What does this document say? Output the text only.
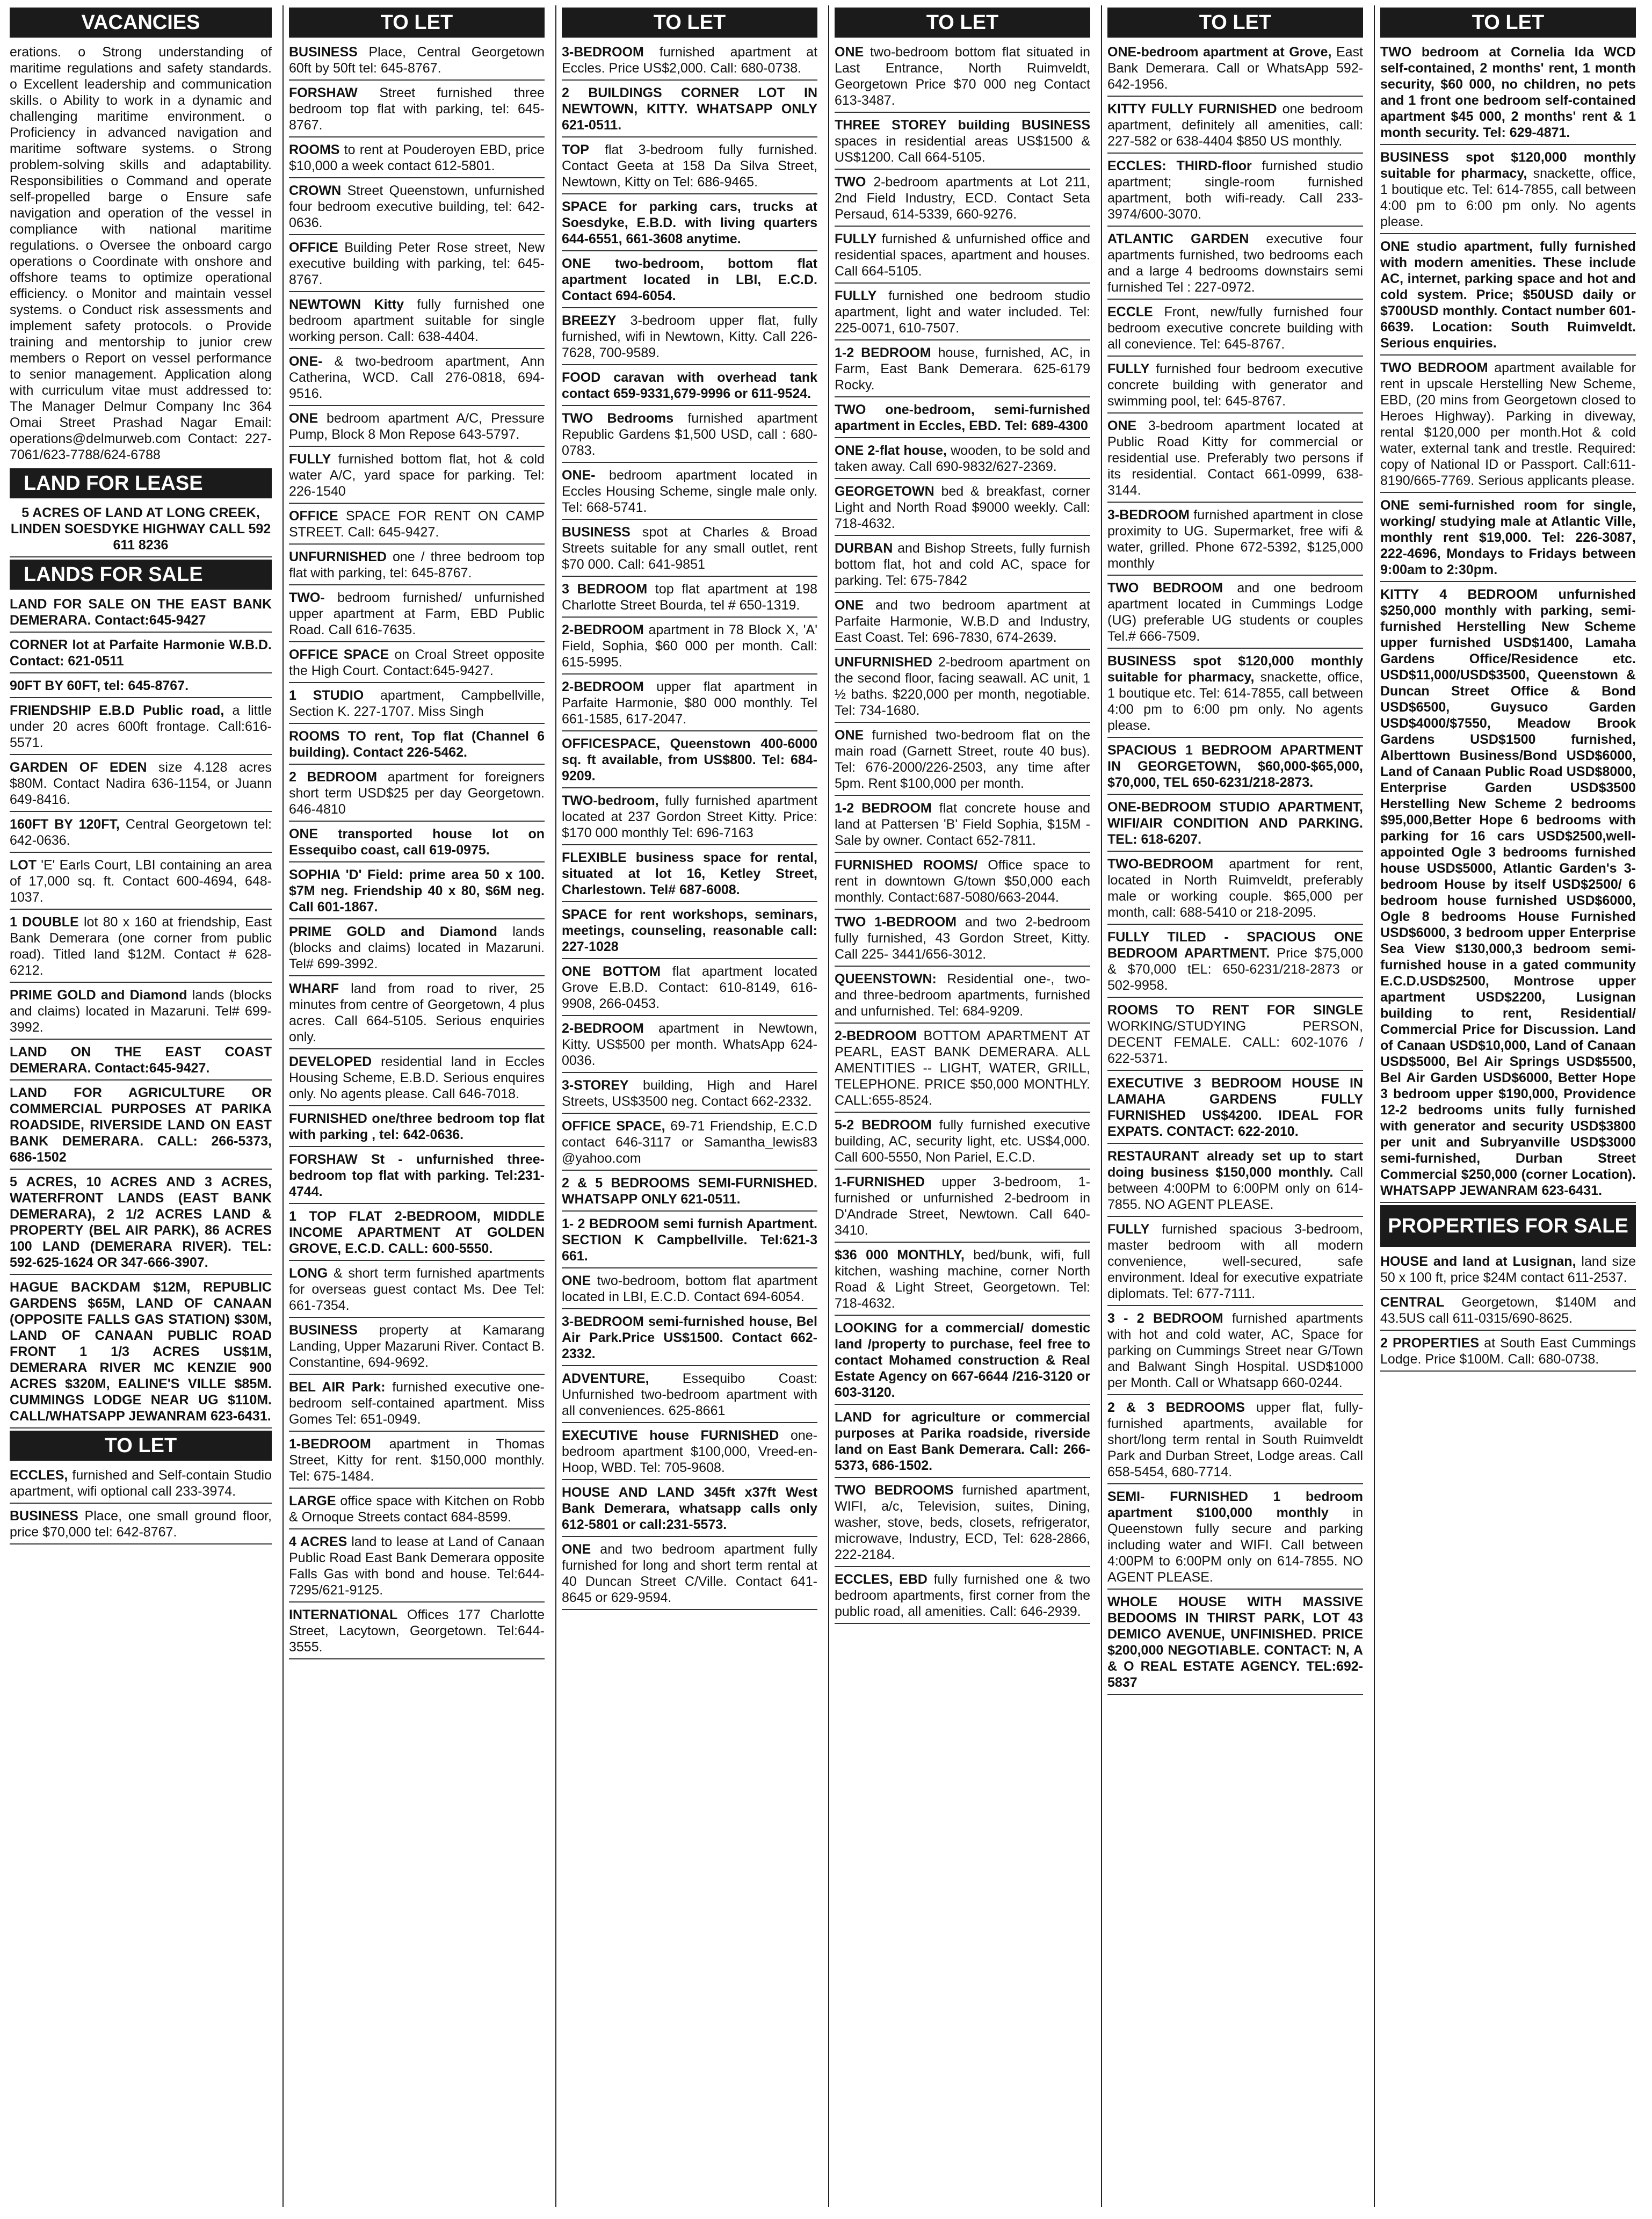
VACANCIES
erations. o Strong understanding of maritime regulations and safety standards. o Excellent leadership and communication skills. o Ability to work in a dynamic and challenging maritime environment. o Proficiency in advanced navigation and maritime software systems. o Strong problem-solving skills and adaptability. Responsibilities o Command and operate self-propelled barge o Ensure safe navigation and operation of the vessel in compliance with national maritime regulations. o Oversee the onboard cargo operations o Coordinate with onshore and offshore teams to optimize operational efficiency. o Monitor and maintain vessel systems. o Conduct risk assessments and implement safety protocols. o Provide training and mentorship to junior crew members o Report on vessel performance to senior management. Application along with curriculum vitae must addressed to: The Manager Delmur Company Inc 364 Omai Street Prashad Nagar Email: operations@delmurweb.com Contact: 227-7061/623-7788/624-6788
LAND FOR LEASE
5 ACRES OF LAND AT LONG CREEK, LINDEN SOESDYKE HIGHWAY CALL 592 611 8236
LANDS FOR SALE
LAND FOR SALE ON THE EAST BANK DEMERARA. Contact:645-9427
CORNER lot at Parfaite Harmonie W.B.D. Contact: 621-0511
90FT BY 60FT, tel: 645-8767.
FRIENDSHIP E.B.D Public road, a little under 20 acres 600ft frontage. Call:616-5571.
GARDEN OF EDEN size 4.128 acres $80M. Contact Nadira 636-1154, or Juann 649-8416.
160FT BY 120FT, Central Georgetown tel: 642-0636.
LOT 'E' Earls Court, LBI containing an area of 17,000 sq. ft. Contact 600-4694, 648-1037.
1 DOUBLE lot 80 x 160 at friendship, East Bank Demerara (one corner from public road). Titled land $12M. Contact # 628-6212.
PRIME GOLD and Diamond lands (blocks and claims) located in Mazaruni. Tel# 699-3992.
LAND ON THE EAST COAST DEMERARA. Contact:645-9427.
LAND FOR AGRICULTURE OR COMMERCIAL PURPOSES AT PARIKA ROADSIDE, RIVERSIDE LAND ON EAST BANK DEMERARA. CALL: 266-5373, 686-1502
5 ACRES, 10 ACRES AND 3 ACRES, WATERFRONT LANDS (EAST BANK DEMERARA), 2 1/2 ACRES LAND & PROPERTY (BEL AIR PARK), 86 ACRES 100 LAND (DEMERARA RIVER). TEL: 592-625-1624 OR 347-666-3907.
HAGUE BACKDAM $12M, REPUBLIC GARDENS $65M, LAND OF CANAAN (OPPOSITE FALLS GAS STATION) $30M, LAND OF CANAAN PUBLIC ROAD FRONT 1 1/3 ACRES US$1M, DEMERARA RIVER MC KENZIE 900 ACRES $320M, EALINE'S VILLE $85M. CUMMINGS LODGE NEAR UG $110M. CALL/WHATSAPP JEWANRAM 623-6431.
TO LET
ECCLES, furnished and Self-contain Studio apartment, wifi optional call 233-3974.
BUSINESS Place, one small ground floor, price $70,000 tel: 642-8767.
TO LET
BUSINESS Place, Central Georgetown 60ft by 50ft tel: 645-8767.
FORSHAW Street furnished three bedroom top flat with parking, tel: 645-8767.
ROOMS to rent at Pouderoyen EBD, price $10,000 a week contact 612-5801.
CROWN Street Queenstown, unfurnished four bedroom executive building, tel: 642-0636.
OFFICE Building Peter Rose street, New executive building with parking, tel: 645-8767.
NEWTOWN Kitty fully furnished one bedroom apartment suitable for single working person. Call: 638-4404.
ONE- & two-bedroom apartment, Ann Catherina, WCD. Call 276-0818, 694-9516.
ONE bedroom apartment A/C, Pressure Pump, Block 8 Mon Repose 643-5797.
FULLY furnished bottom flat, hot & cold water A/C, yard space for parking. Tel: 226-1540
OFFICE SPACE FOR RENT ON CAMP STREET. Call: 645-9427.
UNFURNISHED one / three bedroom top flat with parking, tel: 645-8767.
TWO- bedroom furnished/ unfurnished upper apartment at Farm, EBD Public Road. Call 616-7635.
OFFICE SPACE on Croal Street opposite the High Court. Contact:645-9427.
1 STUDIO apartment, Campbellville, Section K. 227-1707. Miss Singh
ROOMS TO rent, Top flat (Channel 6 building). Contact 226-5462.
2 BEDROOM apartment for foreigners short term USD$25 per day Georgetown. 646-4810
ONE transported house lot on Essequibo coast, call 619-0975.
SOPHIA 'D' Field: prime area 50 x 100. $7M neg. Friendship 40 x 80, $6M neg. Call 601-1867.
PRIME GOLD and Diamond lands (blocks and claims) located in Mazaruni. Tel# 699-3992.
WHARF land from road to river, 25 minutes from centre of Georgetown, 4 plus acres. Call 664-5105. Serious enquiries only.
DEVELOPED residential land in Eccles Housing Scheme, E.B.D. Serious enquires only. No agents please. Call 646-7018.
FURNISHED one/three bedroom top flat with parking , tel: 642-0636.
FORSHAW St - unfurnished three-bedroom top flat with parking. Tel:231-4744.
1 TOP FLAT 2-BEDROOM, MIDDLE INCOME APARTMENT AT GOLDEN GROVE, E.C.D. CALL: 600-5550.
LONG & short term furnished apartments for overseas guest contact Ms. Dee Tel: 661-7354.
BUSINESS property at Kamarang Landing, Upper Mazaruni River. Contact B. Constantine, 694-9692.
BEL AIR Park: furnished executive one-bedroom self-contained apartment. Miss Gomes Tel: 651-0949.
1-BEDROOM apartment in Thomas Street, Kitty for rent. $150,000 monthly. Tel: 675-1484.
LARGE office space with Kitchen on Robb & Ornoque Streets contact 684-8599.
4 ACRES land to lease at Land of Canaan Public Road East Bank Demerara opposite Falls Gas with bond and house. Tel:644-7295/621-9125.
INTERNATIONAL Offices 177 Charlotte Street, Lacytown, Georgetown. Tel:644-3555.
TO LET
3-BEDROOM furnished apartment at Eccles. Price US$2,000. Call: 680-0738.
2 BUILDINGS CORNER LOT IN NEWTOWN, KITTY. WHATSAPP ONLY 621-0511.
TOP flat 3-bedroom fully furnished. Contact Geeta at 158 Da Silva Street, Newtown, Kitty on Tel: 686-9465.
SPACE for parking cars, trucks at Soesdyke, E.B.D. with living quarters 644-6551, 661-3608 anytime.
ONE two-bedroom, bottom flat apartment located in LBI, E.C.D. Contact 694-6054.
BREEZY 3-bedroom upper flat, fully furnished, wifi in Newtown, Kitty. Call 226-7628, 700-9589.
FOOD caravan with overhead tank contact 659-9331,679-9996 or 611-9524.
TWO Bedrooms furnished apartment Republic Gardens $1,500 USD, call : 680-0783.
ONE- bedroom apartment located in Eccles Housing Scheme, single male only. Tel: 668-5741.
BUSINESS spot at Charles & Broad Streets suitable for any small outlet, rent $70 000. Call: 641-9851
3 BEDROOM top flat apartment at 198 Charlotte Street Bourda, tel # 650-1319.
2-BEDROOM apartment in 78 Block X, 'A' Field, Sophia, $60 000 per month. Call: 615-5995.
2-BEDROOM upper flat apartment in Parfaite Harmonie, $80 000 monthly. Tel 661-1585, 617-2047.
OFFICESPACE, Queenstown 400-6000 sq. ft available, from US$800. Tel: 684-9209.
TWO-bedroom, fully furnished apartment located at 237 Gordon Street Kitty. Price: $170 000 monthly Tel: 696-7163
FLEXIBLE business space for rental, situated at lot 16, Ketley Street, Charlestown. Tel# 687-6008.
SPACE for rent workshops, seminars, meetings, counseling, reasonable call: 227-1028
ONE BOTTOM flat apartment located Grove E.B.D. Contact: 610-8149, 616-9908, 266-0453.
2-BEDROOM apartment in Newtown, Kitty. US$500 per month. WhatsApp 624-0036.
3-STOREY building, High and Harel Streets, US$3500 neg. Contact 662-2332.
OFFICE SPACE, 69-71 Friendship, E.C.D contact 646-3117 or Samantha_lewis83 @yahoo.com
2 & 5 BEDROOMS SEMI-FURNISHED. WHATSAPP ONLY 621-0511.
1- 2 BEDROOM semi furnish Apartment. SECTION K Campbellville. Tel:621-3 661.
ONE two-bedroom, bottom flat apartment located in LBI, E.C.D. Contact 694-6054.
3-BEDROOM semi-furnished house, Bel Air Park.Price US$1500. Contact 662-2332.
ADVENTURE, Essequibo Coast: Unfurnished two-bedroom apartment with all conveniences. 625-8661
EXECUTIVE house FURNISHED one-bedroom apartment $100,000, Vreed-en-Hoop, WBD. Tel: 705-9608.
HOUSE AND LAND 345ft x37ft West Bank Demerara, whatsapp calls only 612-5801 or call:231-5573.
ONE and two bedroom apartment fully furnished for long and short term rental at 40 Duncan Street C/Ville. Contact 641-8645 or 629-9594.
TO LET
ONE two-bedroom bottom flat situated in Last Entrance, North Ruimveldt, Georgetown Price $70 000 neg Contact 613-3487.
THREE STOREY building BUSINESS spaces in residential areas US$1500 & US$1200. Call 664-5105.
TWO 2-bedroom apartments at Lot 211, 2nd Field Industry, ECD. Contact Seta Persaud, 614-5339, 660-9276.
FULLY furnished & unfurnished office and residential spaces, apartment and houses. Call 664-5105.
FULLY furnished one bedroom studio apartment, light and water included. Tel: 225-0071, 610-7507.
1-2 BEDROOM house, furnished, AC, in Farm, East Bank Demerara. 625-6179 Rocky.
TWO one-bedroom, semi-furnished apartment in Eccles, EBD. Tel: 689-4300
ONE 2-flat house, wooden, to be sold and taken away. Call 690-9832/627-2369.
GEORGETOWN bed & breakfast, corner Light and North Road $9000 weekly. Call: 718-4632.
DURBAN and Bishop Streets, fully furnish bottom flat, hot and cold AC, space for parking. Tel: 675-7842
ONE and two bedroom apartment at Parfaite Harmonie, W.B.D and Industry, East Coast. Tel: 696-7830, 674-2639.
UNFURNISHED 2-bedroom apartment on the second floor, facing seawall. AC unit, 1 ½ baths. $220,000 per month, negotiable. Tel: 734-1680.
ONE furnished two-bedroom flat on the main road (Garnett Street, route 40 bus). Tel: 676-2000/226-2503, any time after 5pm. Rent $100,000 per month.
1-2 BEDROOM flat concrete house and land at Pattersen 'B' Field Sophia, $15M - Sale by owner. Contact 652-7811.
FURNISHED ROOMS/ Office space to rent in downtown G/town $50,000 each monthly. Contact:687-5080/663-2044.
TWO 1-BEDROOM and two 2-bedroom fully furnished, 43 Gordon Street, Kitty. Call 225- 3441/656-3012.
QUEENSTOWN: Residential one-, two- and three-bedroom apartments, furnished and unfurnished. Tel: 684-9209.
2-BEDROOM BOTTOM APARTMENT AT PEARL, EAST BANK DEMERARA. ALL AMENTITIES -- LIGHT, WATER, GRILL, TELEPHONE. PRICE $50,000 MONTHLY. CALL:655-8524.
5-2 BEDROOM fully furnished executive building, AC, security light, etc. US$4,000. Call 600-5550, Non Pariel, E.C.D.
1-FURNISHED upper 3-bedroom, 1-furnished or unfurnished 2-bedroom in D'Andrade Street, Newtown. Call 640-3410.
$36 000 MONTHLY, bed/bunk, wifi, full kitchen, washing machine, corner North Road & Light Street, Georgetown. Tel: 718-4632.
LOOKING for a commercial/ domestic land /property to purchase, feel free to contact Mohamed construction & Real Estate Agency on 667-6644 /216-3120 or 603-3120.
LAND for agriculture or commercial purposes at Parika roadside, riverside land on East Bank Demerara. Call: 266-5373, 686-1502.
TWO BEDROOMS furnished apartment, WIFI, a/c, Television, suites, Dining, washer, stove, beds, closets, refrigerator, microwave, Industry, ECD, Tel: 628-2866, 222-2184.
ECCLES, EBD fully furnished one & two bedroom apartments, first corner from the public road, all amenities. Call: 646-2939.
TO LET
ONE-bedroom apartment at Grove, East Bank Demerara. Call or WhatsApp 592-642-1956.
KITTY FULLY FURNISHED one bedroom apartment, definitely all amenities, call: 227-582 or 638-4404 $850 US monthly.
ECCLES: THIRD-floor furnished studio apartment; single-room furnished apartment, both wifi-ready. Call 233-3974/600-3070.
ATLANTIC GARDEN executive four apartments furnished, two bedrooms each and a large 4 bedrooms downstairs semi furnished Tel : 227-0972.
ECCLE Front, new/fully furnished four bedroom executive concrete building with all conevience. Tel: 645-8767.
FULLY furnished four bedroom executive concrete building with generator and swimming pool, tel: 645-8767.
ONE 3-bedroom apartment located at Public Road Kitty for commercial or residential use. Preferably two persons if its residential. Contact 661-0999, 638-3144.
3-BEDROOM furnished apartment in close proximity to UG. Supermarket, free wifi & water, grilled. Phone 672-5392, $125,000 monthly
TWO BEDROOM and one bedroom apartment located in Cummings Lodge (UG) preferable UG students or couples Tel.# 666-7509.
BUSINESS spot $120,000 monthly suitable for pharmacy, snackette, office, 1 boutique etc. Tel: 614-7855, call between 4:00 pm to 6:00 pm only. No agents please.
SPACIOUS 1 BEDROOM APARTMENT IN GEORGETOWN, $60,000-$65,000, $70,000, TEL 650-6231/218-2873.
ONE-BEDROOM STUDIO APARTMENT, WIFI/AIR CONDITION AND PARKING. TEL: 618-6207.
TWO-BEDROOM apartment for rent, located in North Ruimveldt, preferably male or working couple. $65,000 per month, call: 688-5410 or 218-2095.
FULLY TILED - SPACIOUS ONE BEDROOM APARTMENT. Price $75,000 & $70,000 tEL: 650-6231/218-2873 or 502-9958.
ROOMS TO RENT FOR SINGLE WORKING/STUDYING PERSON, DECENT FEMALE. CALL: 602-1076 / 622-5371.
EXECUTIVE 3 BEDROOM HOUSE IN LAMAHA GARDENS FULLY FURNISHED US$4200. IDEAL FOR EXPATS. CONTACT: 622-2010.
RESTAURANT already set up to start doing business $150,000 monthly. Call between 4:00PM to 6:00PM only on 614-7855. NO AGENT PLEASE.
FULLY furnished spacious 3-bedroom, master bedroom with all modern convenience, well-secured, safe environment. Ideal for executive expatriate diplomats. Tel: 677-7111.
3 - 2 BEDROOM furnished apartments with hot and cold water, AC, Space for parking on Cummings Street near G/Town and Balwant Singh Hospital. USD$1000 per Month. Call or Whatsapp 660-0244.
2 & 3 BEDROOMS upper flat, fully-furnished apartments, available for short/long term rental in South Ruimveldt Park and Durban Street, Lodge areas. Call 658-5454, 680-7714.
SEMI- FURNISHED 1 bedroom apartment $100,000 monthly in Queenstown fully secure and parking including water and WIFI. Call between 4:00PM to 6:00PM only on 614-7855. NO AGENT PLEASE.
WHOLE HOUSE WITH MASSIVE BEDOOMS IN THIRST PARK, LOT 43 DEMICO AVENUE, UNFINISHED. PRICE $200,000 NEGOTIABLE. CONTACT: N, A & O REAL ESTATE AGENCY. TEL:692-5837
TO LET
TWO bedroom at Cornelia Ida WCD self-contained, 2 months' rent, 1 month security, $60 000, no children, no pets and 1 front one bedroom self-contained apartment $45 000, 2 months' rent & 1 month security. Tel: 629-4871.
BUSINESS spot $120,000 monthly suitable for pharmacy, snackette, office, 1 boutique etc. Tel: 614-7855, call between 4:00 pm to 6:00 pm only. No agents please.
ONE studio apartment, fully furnished with modern amenities. These include AC, internet, parking space and hot and cold system. Price; $50USD daily or $700USD monthly. Contact number 601-6639. Location: South Ruimveldt. Serious enquiries.
TWO BEDROOM apartment available for rent in upscale Herstelling New Scheme, EBD, (20 mins from Georgetown closed to Heroes Highway). Parking in diveway, rental $120,000 per month.Hot & cold water, external tank and trestle. Required: copy of National ID or Passport. Call:611-8190/665-7769. Serious applicants please.
ONE semi-furnished room for single, working/ studying male at Atlantic Ville, monthly rent $19,000. Tel: 226-3087, 222-4696, Mondays to Fridays between 9:00am to 2:30pm.
KITTY 4 BEDROOM unfurnished $250,000 monthly with parking, semi-furnished Herstelling New Scheme upper furnished USD$1400, Lamaha Gardens Office/Residence etc. USD$11,000/USD$3500, Queenstown & Duncan Street Office & Bond USD$6500, Guysuco Garden USD$4000/$7550, Meadow Brook Gardens USD$1500 furnished, Alberttown Business/Bond USD$6000, Land of Canaan Public Road USD$8000, Enterprise Garden USD$3500 Herstelling New Scheme 2 bedrooms $95,000,Better Hope 6 bedrooms with parking for 16 cars USD$2500,well-appointed Ogle 3 bedrooms furnished house USD$5000, Atlantic Garden's 3-bedroom House by itself USD$2500/ 6 bedroom house furnished USD$6000, Ogle 8 bedrooms House Furnished USD$6000, 3 bedroom upper Enterprise Sea View $130,000,3 bedroom semi-furnished house in a gated community E.C.D.USD$2500, Montrose upper apartment USD$2200, Lusignan building to rent, Residential/ Commercial Price for Discussion. Land of Canaan USD$10,000, Land of Canaan USD$5000, Bel Air Springs USD$5500, Bel Air Garden USD$6000, Better Hope 3 bedroom upper $190,000, Providence 12-2 bedrooms units fully furnished with generator and security USD$3800 per unit and Subryanville USD$3000 semi-furnished, Durban Street Commercial $250,000 (corner Location). WHATSAPP JEWANRAM 623-6431.
PROPERTIES FOR SALE
HOUSE and land at Lusignan, land size 50 x 100 ft, price $24M contact 611-2537.
CENTRAL Georgetown, $140M and 43.5US call 611-0315/690-8625.
2 PROPERTIES at South East Cummings Lodge. Price $100M. Call: 680-0738.
